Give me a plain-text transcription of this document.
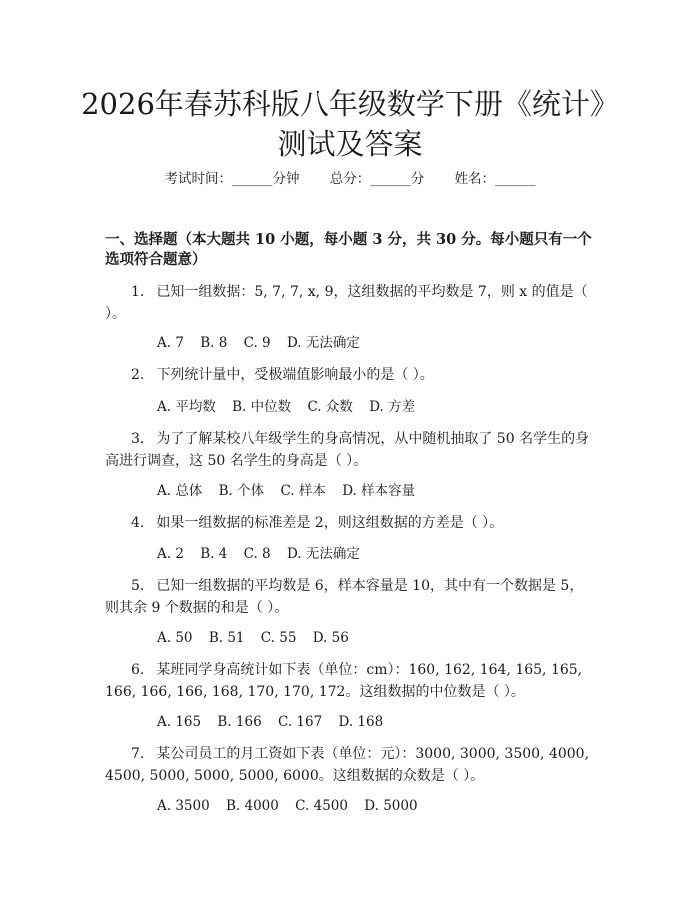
2026年春苏科版八年级数学下册《统计》测试及答案
考试时间：______分钟 总分：______分 姓名：______

一、选择题（本大题共 10 小题，每小题 3 分，共 30 分。每小题只有一个选项符合题意）

1. 已知一组数据：5, 7, 7, x, 9，这组数据的平均数是 7，则 x 的值是（ ）。

A. 7 B. 8 C. 9 D. 无法确定

2. 下列统计量中，受极端值影响最小的是（ ）。

A. 平均数 B. 中位数 C. 众数 D. 方差

3. 为了了解某校八年级学生的身高情况，从中随机抽取了 50 名学生的身高进行调查，这 50 名学生的身高是（ ）。

A. 总体 B. 个体 C. 样本 D. 样本容量

4. 如果一组数据的标准差是 2，则这组数据的方差是（ ）。

A. 2 B. 4 C. 8 D. 无法确定

5. 已知一组数据的平均数是 6，样本容量是 10，其中有一个数据是 5，则其余 9 个数据的和是（ ）。

A. 50 B. 51 C. 55 D. 56

6. 某班同学身高统计如下表（单位：cm）：160, 162, 164, 165, 165, 166, 166, 166, 168, 170, 170, 172。这组数据的中位数是（ ）。

A. 165 B. 166 C. 167 D. 168

7. 某公司员工的月工资如下表（单位：元）：3000, 3000, 3500, 4000, 4500, 5000, 5000, 5000, 6000。这组数据的众数是（ ）。

A. 3500 B. 4000 C. 4500 D. 5000
